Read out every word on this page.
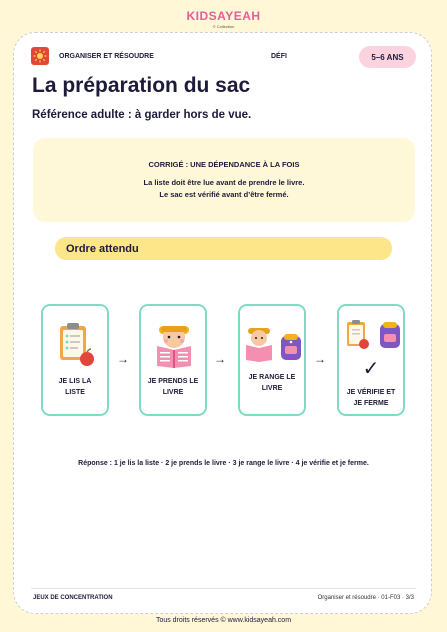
KIDSAYEAH
© Collection
ORGANISER ET RÉSOUDRE	DÉFI	5–6 ANS
La préparation du sac
Référence adulte : à garder hors de vue.
CORRIGÉ : UNE DÉPENDANCE À LA FOIS
La liste doit être lue avant de prendre le livre.
Le sac est vérifié avant d’être fermé.
Ordre attendu
JE LIS LA
LISTE
→
JE PRENDS LE
LIVRE
→
JE RANGE LE
LIVRE
→	✓
JE VÉRIFIE ET
JE FERME
Réponse : 1 je lis la liste · 2 je prends le livre · 3 je range le livre · 4 je vérifie et je ferme.
JEUX DE CONCENTRATION	Organiser et résoudre · 01-F03 · 3/3
Tous droits réservés © www.kidsayeah.com
